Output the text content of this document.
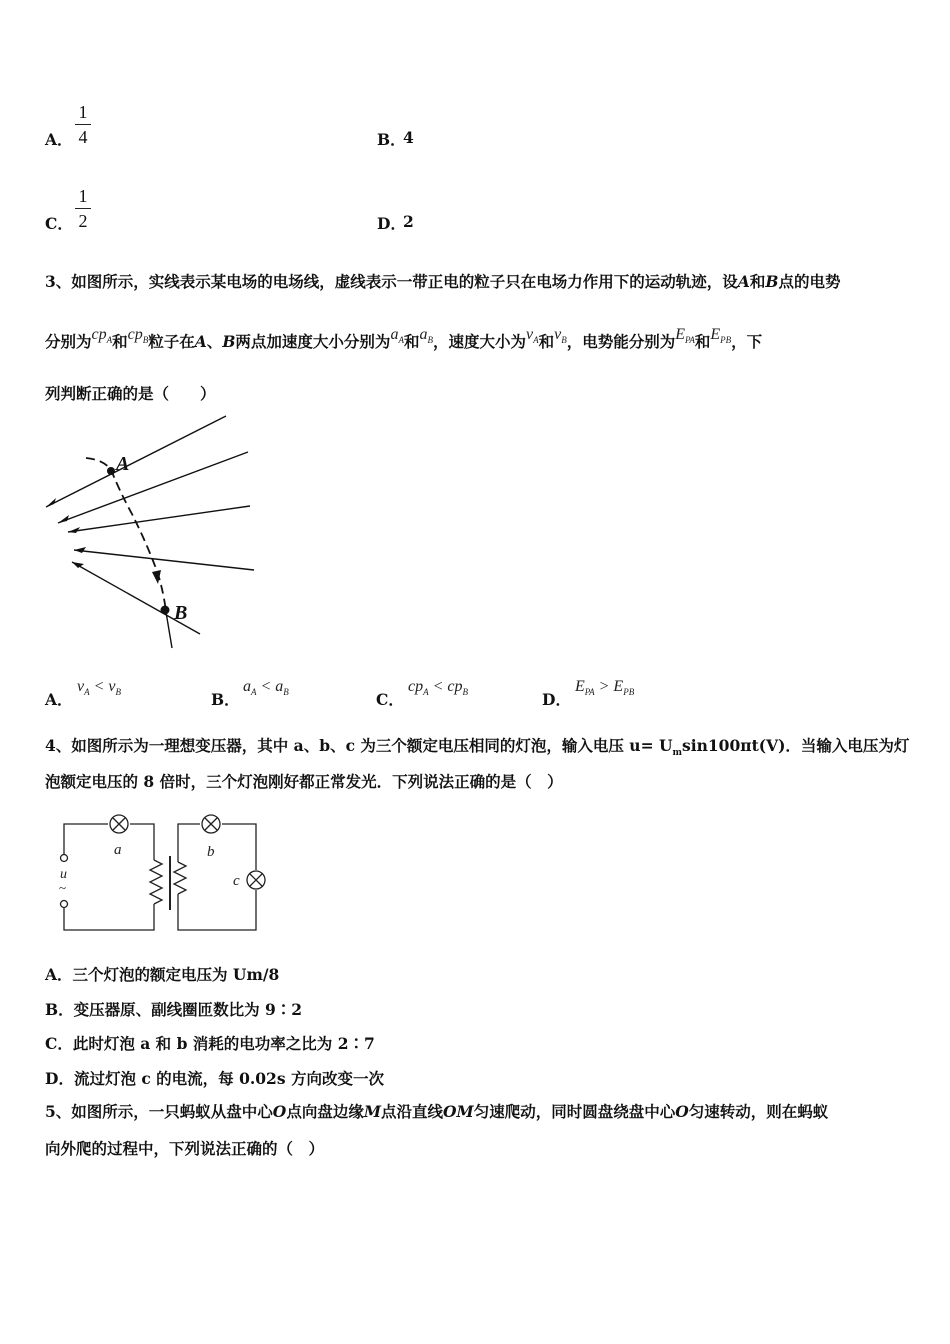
A．
1
4	B．
4
C．
1
2	D．
2
3、如图所示，实线表示某电场的电场线，虚线表示一带正电的粒子只在电场力作用下的运动轨迹，设A和B点的电势
分别为$cp_A$和$cp_B$粒子在A、B两点加速度大小分别为$a_A$和$a_B$，速度大小为$v_A$和$v_B$，电势能分别为$E_{PA}$和$E_{PB}$，下
列判断正确的是（　　）
A
B
A．
$v_A < v_B$	B．
$a_A < a_B$	C．
$cp_A < cp_B$	D．
$E_{PA} > E_{PB}$
4、如图所示为一理想变压器，其中 a、b、c 为三个额定电压相同的灯泡，输入电压 $u= U_m\sin 100\pi t(V)$．当输入电压为灯
泡额定电压的 8 倍时，三个灯泡刚好都正常发光．下列说法正确的是（　）
a	b
c
u
~
A．三个灯泡的额定电压为 Um/8
B．变压器原、副线圈匝数比为 9∶2
C．此时灯泡 a 和 b 消耗的电功率之比为 2∶7
D．流过灯泡 c 的电流，每 0.02s 方向改变一次
5、如图所示，一只蚂蚁从盘中心O点向盘边缘M点沿直线OM匀速爬动，同时圆盘绕盘中心O匀速转动，则在蚂蚁
向外爬的过程中，下列说法正确的（　）
